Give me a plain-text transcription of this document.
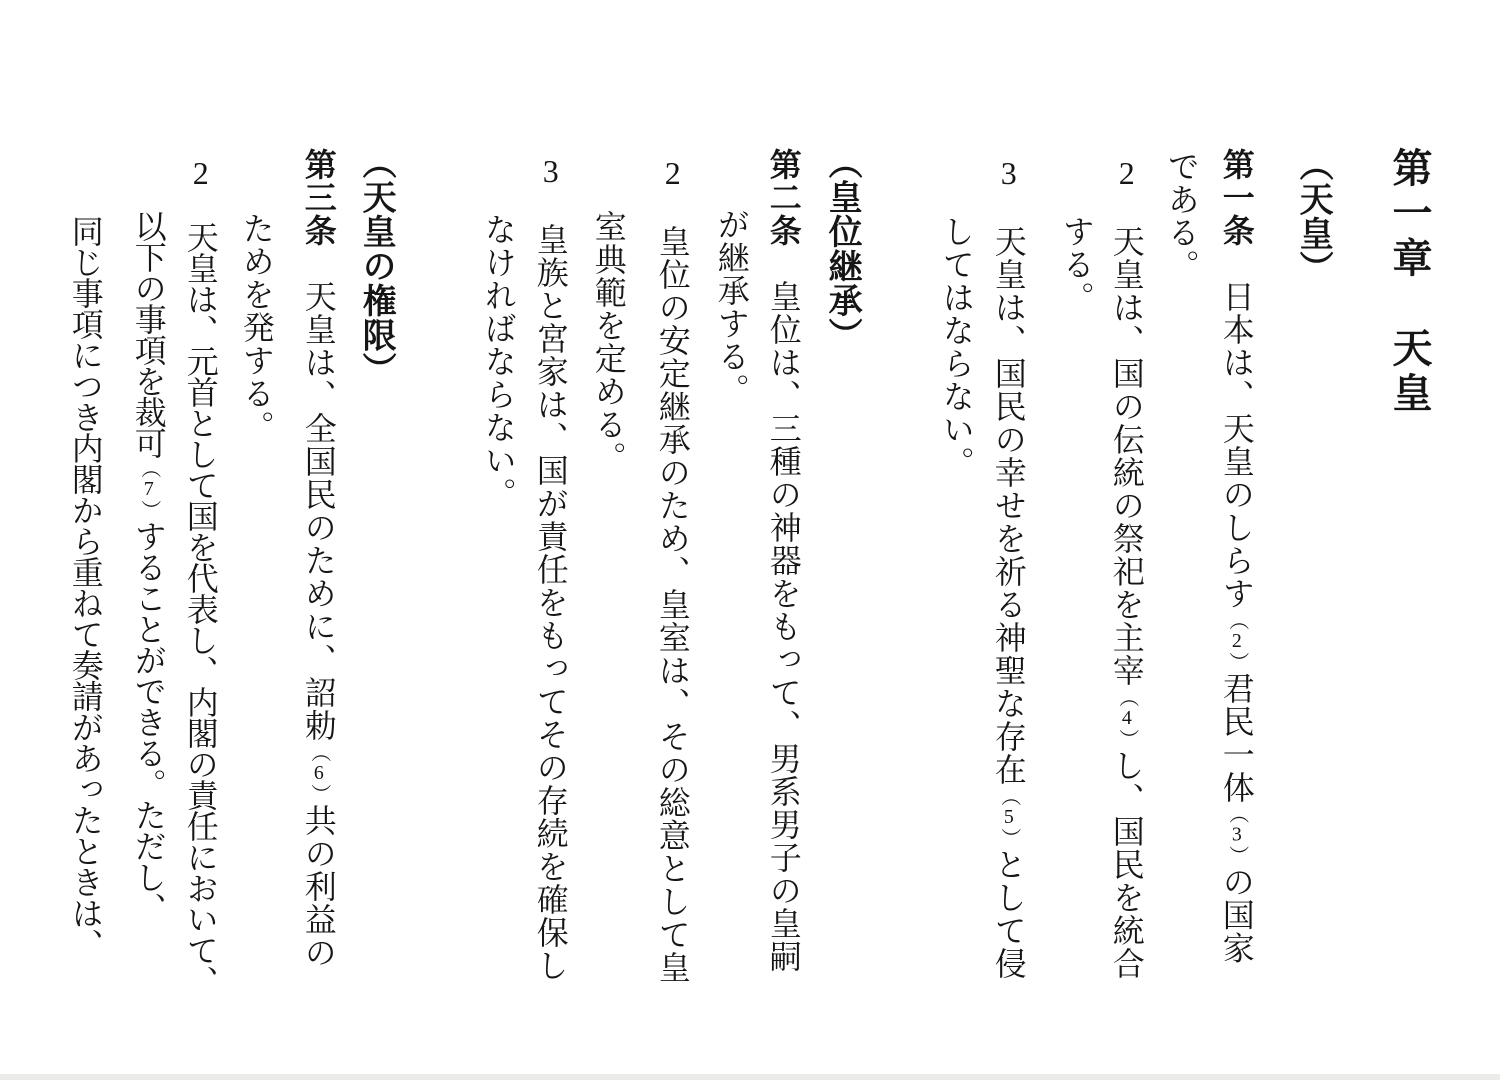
第一章　天皇
（天皇）
第一条　日本は、天皇のしらす（2）君民一体（3）の国家
である。
2　天皇は、国の伝統の祭祀を主宰（4）し、国民を統合
する。
3　天皇は、国民の幸せを祈る神聖な存在（5）として侵
してはならない。
（皇位継承）
第二条　皇位は、三種の神器をもって、男系男子の皇嗣
が継承する。
2　皇位の安定継承のため、皇室は、その総意として皇
室典範を定める。
3　皇族と宮家は、国が責任をもってその存続を確保し
なければならない。
（天皇の権限）
第三条　天皇は、全国民のために、詔勅（6）共の利益の
ためを発する。
2　天皇は、元首として国を代表し、内閣の責任において、
以下の事項を裁可（7）することができる。ただし、
同じ事項につき内閣から重ねて奏請があったときは、
